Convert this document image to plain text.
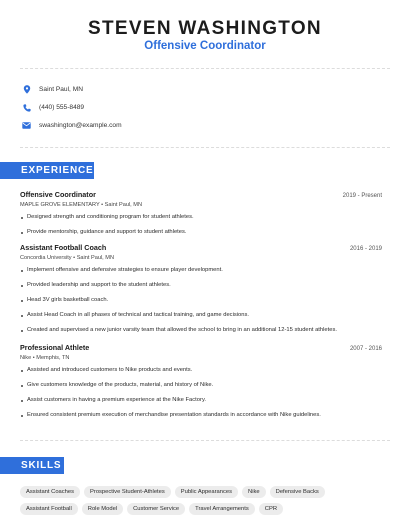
STEVEN WASHINGTON
Offensive Coordinator
Saint Paul, MN
(440) 555-8489
swashington@example.com
EXPERIENCE
Offensive Coordinator	2019 - Present
MAPLE GROVE ELEMENTARY • Saint Paul, MN
Designed strength and conditioning program for student athletes.
Provide mentorship, guidance and support to student athletes.
Assistant Football Coach	2016 - 2019
Concordia University • Saint Paul, MN
Implement offensive and defensive strategies to ensure player development.
Provided leadership and support to the student athletes.
Head 3V girls basketball coach.
Assist Head Coach in all phases of technical and tactical training, and game decisions.
Created and supervised a new junior varsity team that allowed the school to bring in an additional 12-15 student athletes.
Professional Athlete	2007 - 2016
Nike • Memphis, TN
Assisted and introduced customers to Nike products and events.
Give customers knowledge of the products, material, and history of Nike.
Assist customers in having a premium experience at the Nike Factory.
Ensured consistent premium execution of merchandise presentation standards in accordance with Nike guidelines.
SKILLS
Assistant Coaches	Prospective Student-Athletes	Public Appearances	Nike	Defensive Backs
Assistant Football	Role Model	Customer Service	Travel Arrangements	CPR
